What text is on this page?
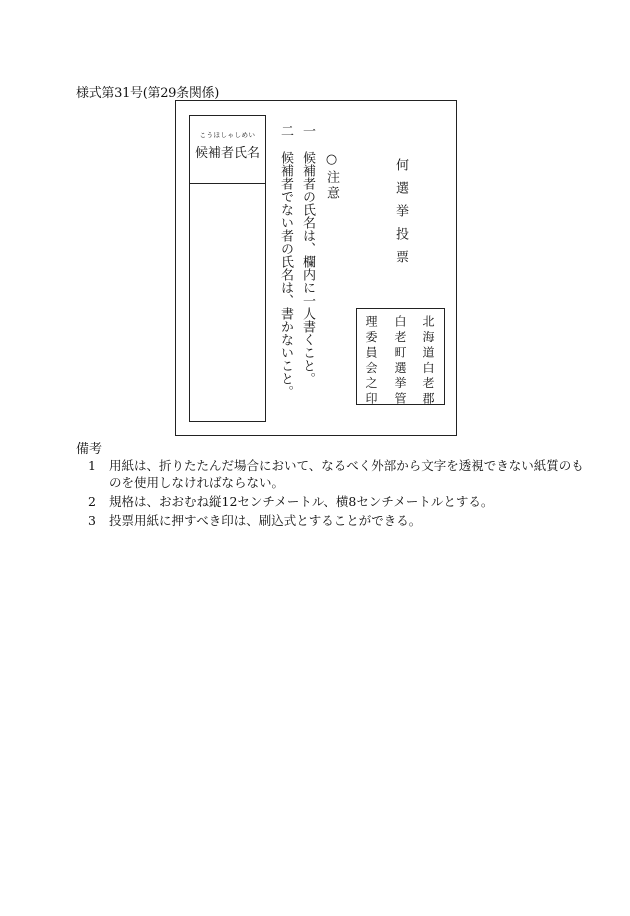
様式第31号(第29条関係)
こうほしゃしめい
候補者氏名	○注意
一候補者の氏名は、欄内に一人書くこと。
二候補者でない者の氏名は、書かないこと。	何選挙投票
北海道白老郡
白老町選挙管
理委員会之印
備考
1 用紙は、折りたたんだ場合において、なるべく外部から文字を透視できない紙質のも
のを使用しなければならない。
2 規格は、おおむね縦12センチメートル、横8センチメートルとする。
3 投票用紙に押すべき印は、刷込式とすることができる。
